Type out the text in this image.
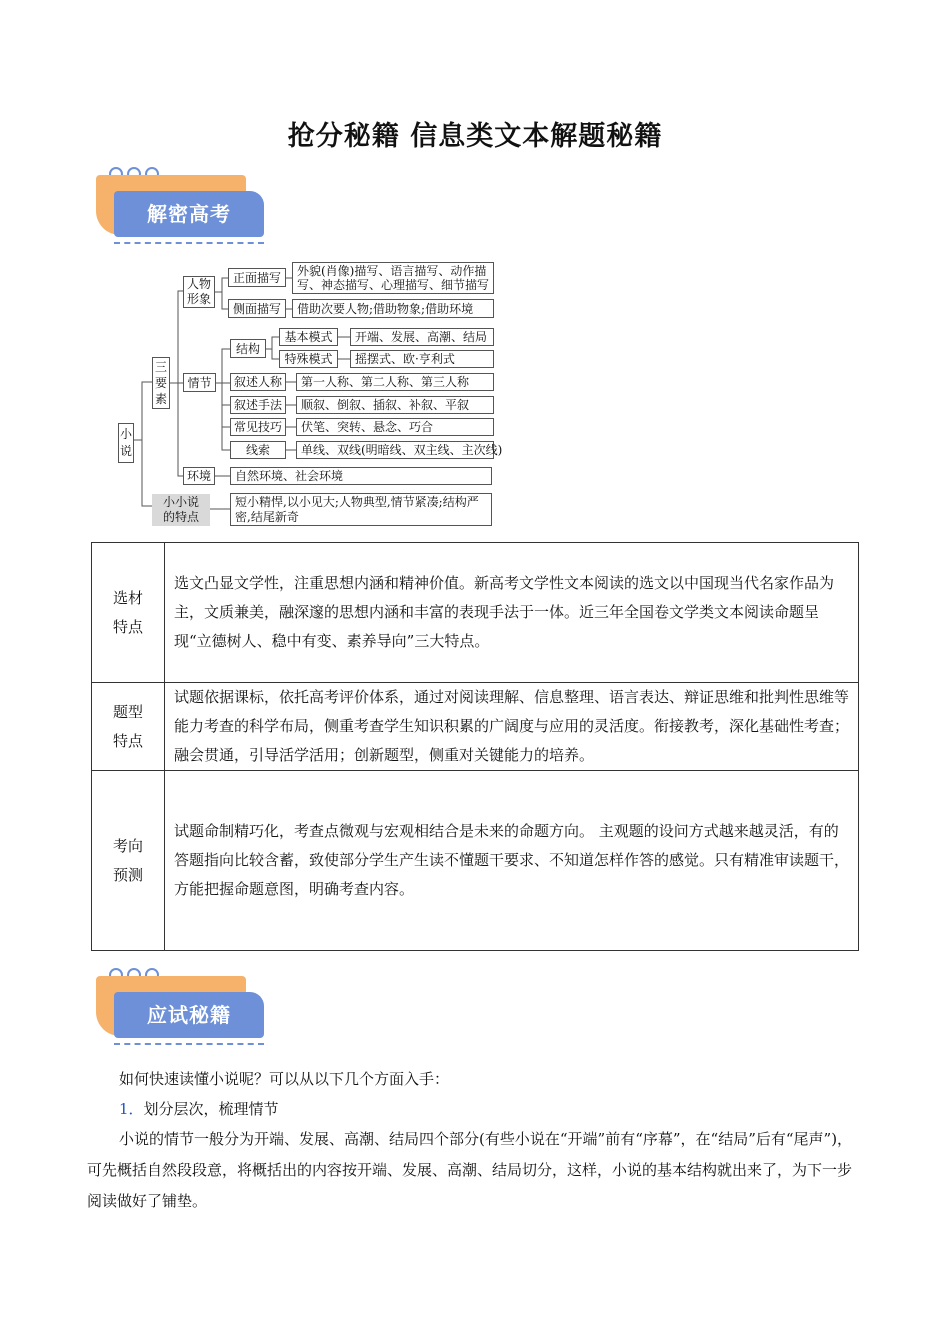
抢分秘籍 信息类文本解题秘籍
解密高考
小说
三要素
人物形象
正面描写	外貌(肖像)描写、语言描写、动作描写、神态描写、心理描写、细节描写
侧面描写	借助次要人物;借助物象;借助环境
情节
结构
基本模式	开端、发展、高潮、结局
特殊模式	摇摆式、欧·亨利式
叙述人称	第一人称、第二人称、第三人称
叙述手法	顺叙、倒叙、插叙、补叙、平叙
常见技巧	伏笔、突转、悬念、巧合
线索	单线、双线(明暗线、双主线、主次线)
环境	自然环境、社会环境
小小说的特点
短小精悍,以小见大;人物典型,情节紧凑;结构严密,结尾新奇
选材特点	选文凸显文学性，注重思想内涵和精神价值。新高考文学性文本阅读的选文以中国现当代名家作品为主，文质兼美，融深邃的思想内涵和丰富的表现手法于一体。近三年全国卷文学类文本阅读命题呈现“立德树人、稳中有变、素养导向”三大特点。

题型特点	试题依据课标，依托高考评价体系，通过对阅读理解、信息整理、语言表达、辩证思维和批判性思维等能力考查的科学布局，侧重考查学生知识积累的广阔度与应用的灵活度。衔接教考，深化基础性考查；融会贯通，引导活学活用；创新题型，侧重对关键能力的培养。

考向预测	试题命制精巧化，考查点微观与宏观相结合是未来的命题方向。 主观题的设问方式越来越灵活，有的答题指向比较含蓄，致使部分学生产生读不懂题干要求、不知道怎样作答的感觉。只有精准审读题干，方能把握命题意图，明确考查内容。
应试秘籍
如何快速读懂小说呢？可以从以下几个方面入手：
1．划分层次，梳理情节
小说的情节一般分为开端、发展、高潮、结局四个部分(有些小说在“开端”前有“序幕”，在“结局”后有“尾声”)，可先概括自然段段意，将概括出的内容按开端、发展、高潮、结局切分，这样，小说的基本结构就出来了，为下一步阅读做好了铺垫。
